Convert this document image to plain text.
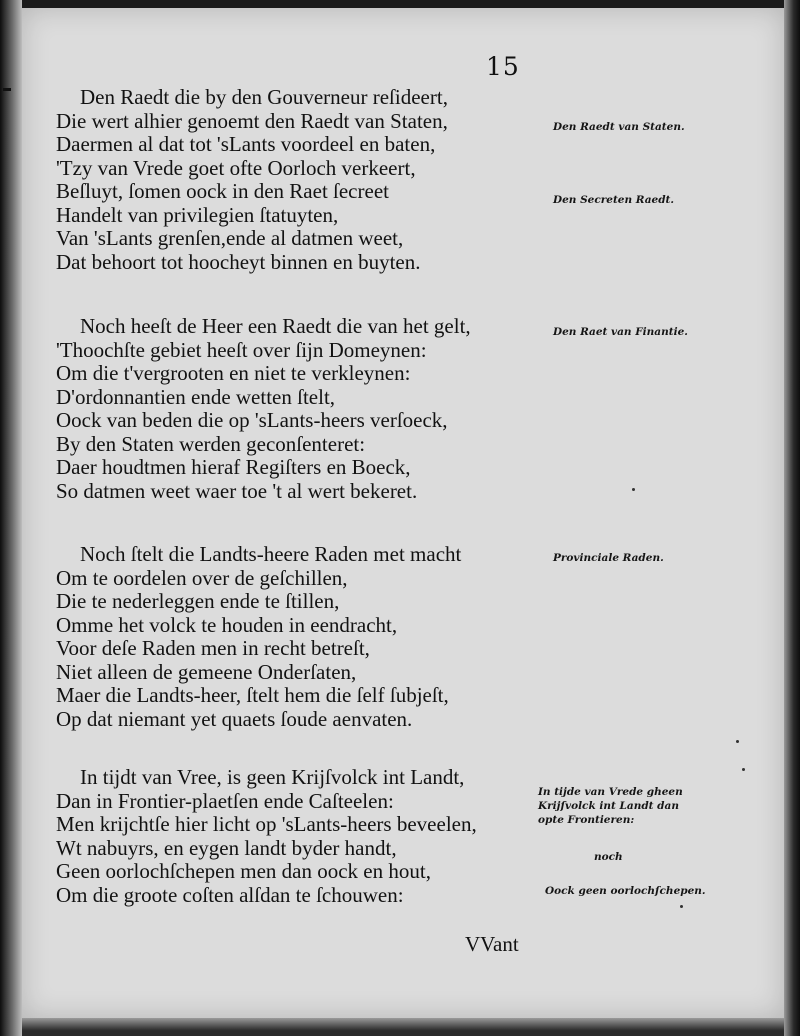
15
Den Raedt die by den Gouverneur reſideert,
Die wert alhier genoemt den Raedt van Staten,
Daermen al dat tot 'sLants voordeel en baten,
'Tzy van Vrede goet ofte Oorloch verkeert,
Beſluyt, ſomen oock in den Raet ſecreet
Handelt van privilegien ſtatuyten,
Van 'sLants grenſen,ende al datmen weet,
Dat behoort tot hoocheyt binnen en buyten.
Noch heeſt de Heer een Raedt die van het gelt,
'Thoochſte gebiet heeſt over ſijn Domeynen:
Om die t'vergrooten en niet te verkleynen:
D'ordonnantien ende wetten ſtelt,
Oock van beden die op 'sLants-heers verſoeck,
By den Staten werden geconſenteret:
Daer houdtmen hieraf Regiſters en Boeck,
So datmen weet waer toe 't al wert bekeret.
Noch ſtelt die Landts-heere Raden met macht
Om te oordelen over de geſchillen,
Die te nederleggen ende te ſtillen,
Omme het volck te houden in eendracht,
Voor deſe Raden men in recht betreſt,
Niet alleen de gemeene Onderſaten,
Maer die Landts-heer, ſtelt hem die ſelf ſubjeſt,
Op dat niemant yet quaets ſoude aenvaten.
In tijdt van Vree, is geen Krijſvolck int Landt,
Dan in Frontier-plaetſen ende Caſteelen:
Men krijchtſe hier licht op 'sLants-heers beveelen,
Wt nabuyrs, en eygen landt byder handt,
Geen oorlochſchepen men dan oock en hout,
Om die groote coſten alſdan te ſchouwen:
Den Raedt van Staten.
Den Secreten Raedt.
Den Raet van Finantie.
Provinciale Raden.
In tijde van Vrede gheen
Krijſvolck int Landt dan
opte Frontieren:
noch
Oock geen oorlochſchepen.
VVant
